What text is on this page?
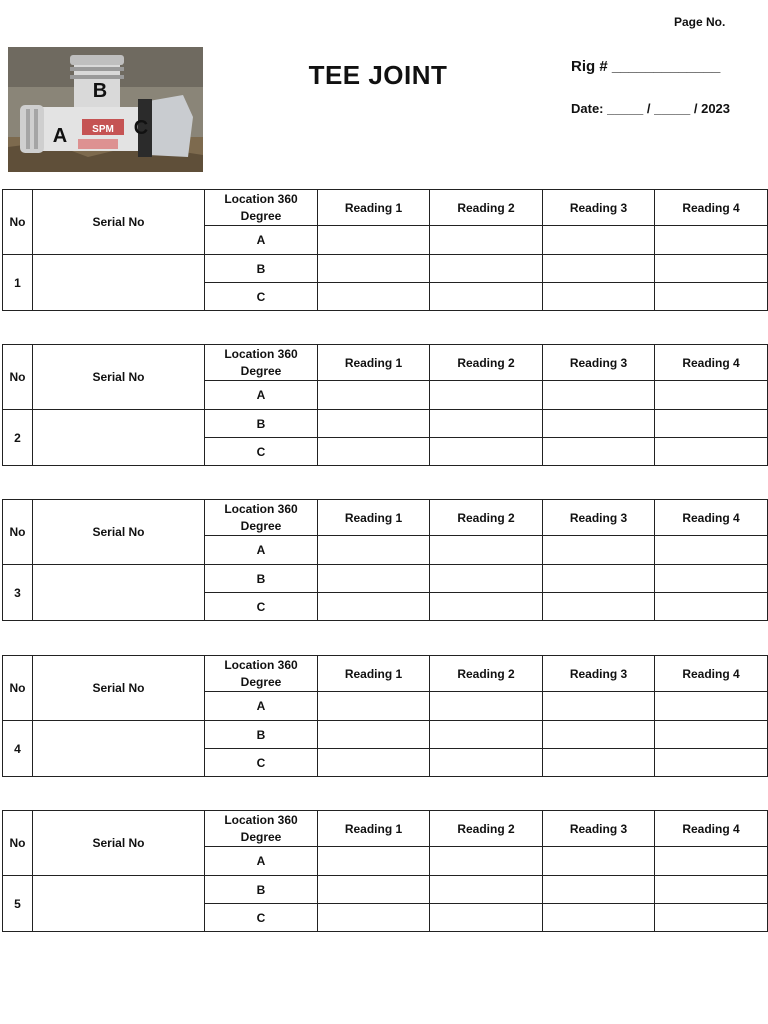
Page No.
SPM
B
A	C
TEE JOINT	Rig # _____________
Date: _____ / _____ / 2023
No	Serial No	Location 360 Degree	Reading 1	Reading 2	Reading 3	Reading 4
		A				
1		B				
		C				
No	Serial No	Location 360 Degree	Reading 1	Reading 2	Reading 3	Reading 4
		A				
2		B				
		C				
No	Serial No	Location 360 Degree	Reading 1	Reading 2	Reading 3	Reading 4
		A				
3		B				
		C				
No	Serial No	Location 360 Degree	Reading 1	Reading 2	Reading 3	Reading 4
		A				
4		B				
		C				
No	Serial No	Location 360 Degree	Reading 1	Reading 2	Reading 3	Reading 4
		A				
5		B				
		C				
